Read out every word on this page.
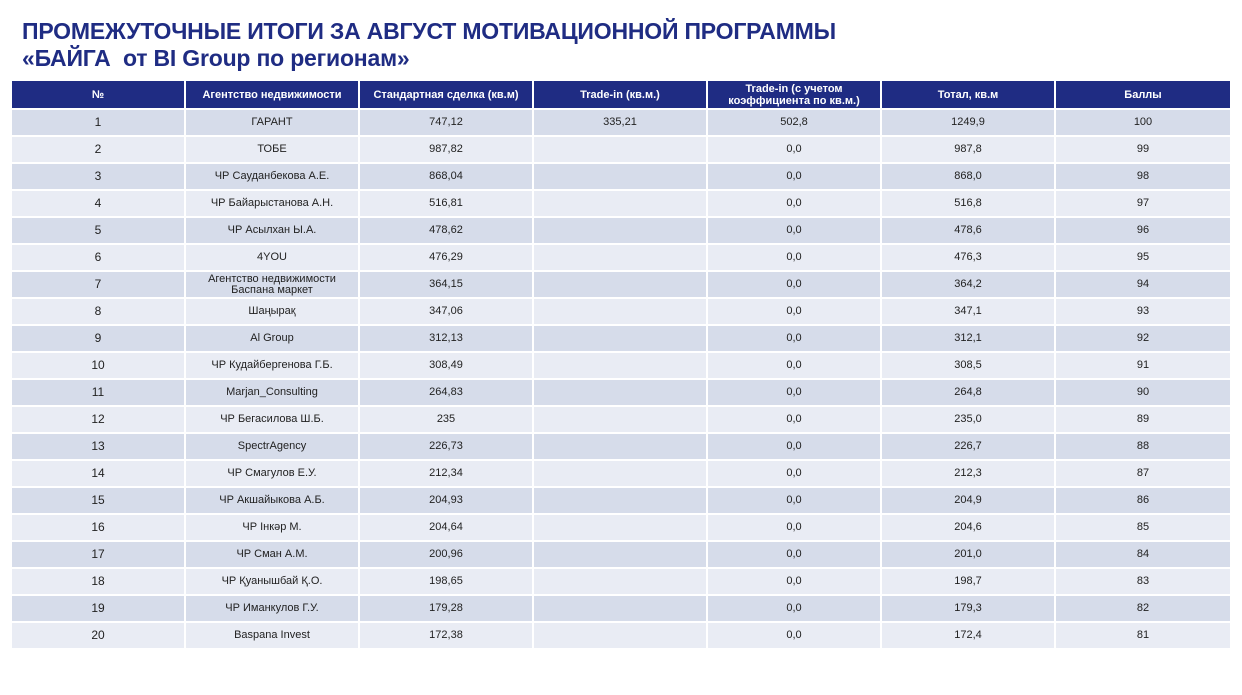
ПРОМЕЖУТОЧНЫЕ ИТОГИ ЗА АВГУСТ МОТИВАЦИОННОЙ ПРОГРАММЫ
«БАЙГА  от BI Group по регионам»
№	Агентство недвижимости	Стандартная сделка (кв.м)	Trade-in (кв.м.)	Trade-in (с учетом коэффициента по кв.м.)	Тотал, кв.м	Баллы
1	ГАРАНТ	747,12	335,21	502,8	1249,9	100
2	ТОБЕ	987,82		0,0	987,8	99
3	ЧР Сауданбекова А.Е.	868,04		0,0	868,0	98
4	ЧР Байарыстанова А.Н.	516,81		0,0	516,8	97
5	ЧР Асылхан Ы.А.	478,62		0,0	478,6	96
6	4YOU	476,29		0,0	476,3	95
7	Агентство недвижимости Баспана маркет	364,15		0,0	364,2	94
8	Шаңырақ	347,06		0,0	347,1	93
9	Al Group	312,13		0,0	312,1	92
10	ЧР Кудайбергенова Г.Б.	308,49		0,0	308,5	91
11	Marjan_Consulting	264,83		0,0	264,8	90
12	ЧР Бегасилова Ш.Б.	235		0,0	235,0	89
13	SpectrAgency	226,73		0,0	226,7	88
14	ЧР Смагулов Е.У.	212,34		0,0	212,3	87
15	ЧР Акшайыкова А.Б.	204,93		0,0	204,9	86
16	ЧР Інкәр М.	204,64		0,0	204,6	85
17	ЧР Сман А.М.	200,96		0,0	201,0	84
18	ЧР Қуанышбай Қ.О.	198,65		0,0	198,7	83
19	ЧР Иманкулов Г.У.	179,28		0,0	179,3	82
20	Baspana Invest	172,38		0,0	172,4	81
